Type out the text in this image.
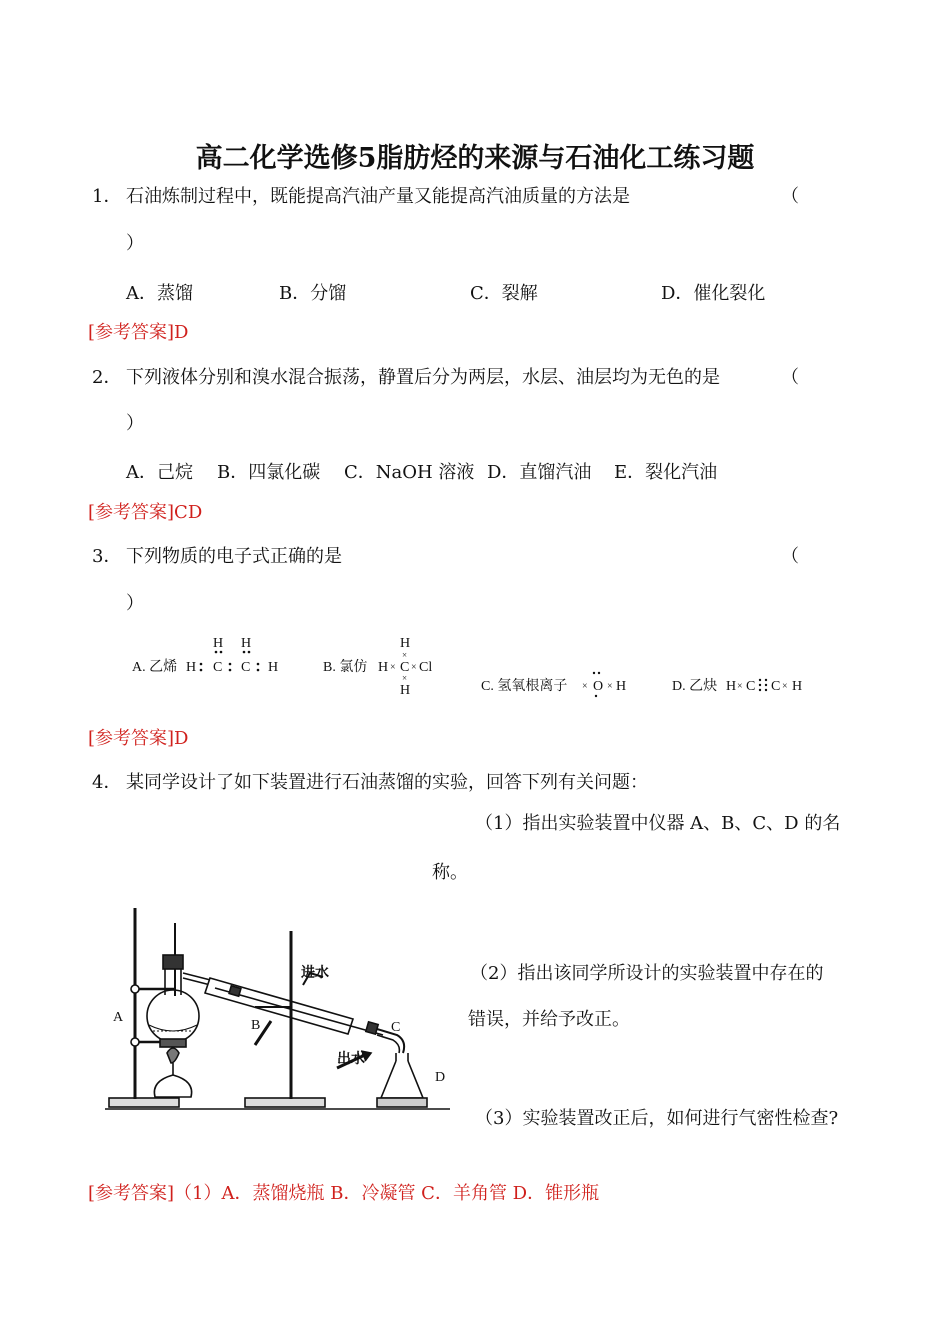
高二化学选修5脂肪烃的来源与石油化工练习题
1． 石油炼制过程中，既能提高汽油产量又能提高汽油质量的方法是	（
）
A．蒸馏	B．分馏	C．裂解	D．催化裂化
[参考答案]D
2． 下列液体分别和溴水混合振荡，静置后分为两层，水层、油层均为无色的是	（
）
A．己烷 B．四氯化碳 C．NaOH 溶液 D．直馏汽油 E．裂化汽油
[参考答案]CD
3． 下列物质的电子式正确的是	（
）
A. 乙烯 H C
H
C
H
H	B. 氯仿 H × C
H
×
×
H
× Cl
C. 氢氧根离子 × O × H	D. 乙炔 H × C C × H
[参考答案]D
4． 某同学设计了如下装置进行石油蒸馏的实验，回答下列有关问题：
（1）指出实验装置中仪器 A、B、C、D 的名
称。
（2）指出该同学所设计的实验装置中存在的
错误，并给予改正。
（3）实验装置改正后，如何进行气密性检查?
A
B	C
D
进水
出水
[参考答案]（1）A．蒸馏烧瓶 B．冷凝管 C．羊角管 D．锥形瓶
